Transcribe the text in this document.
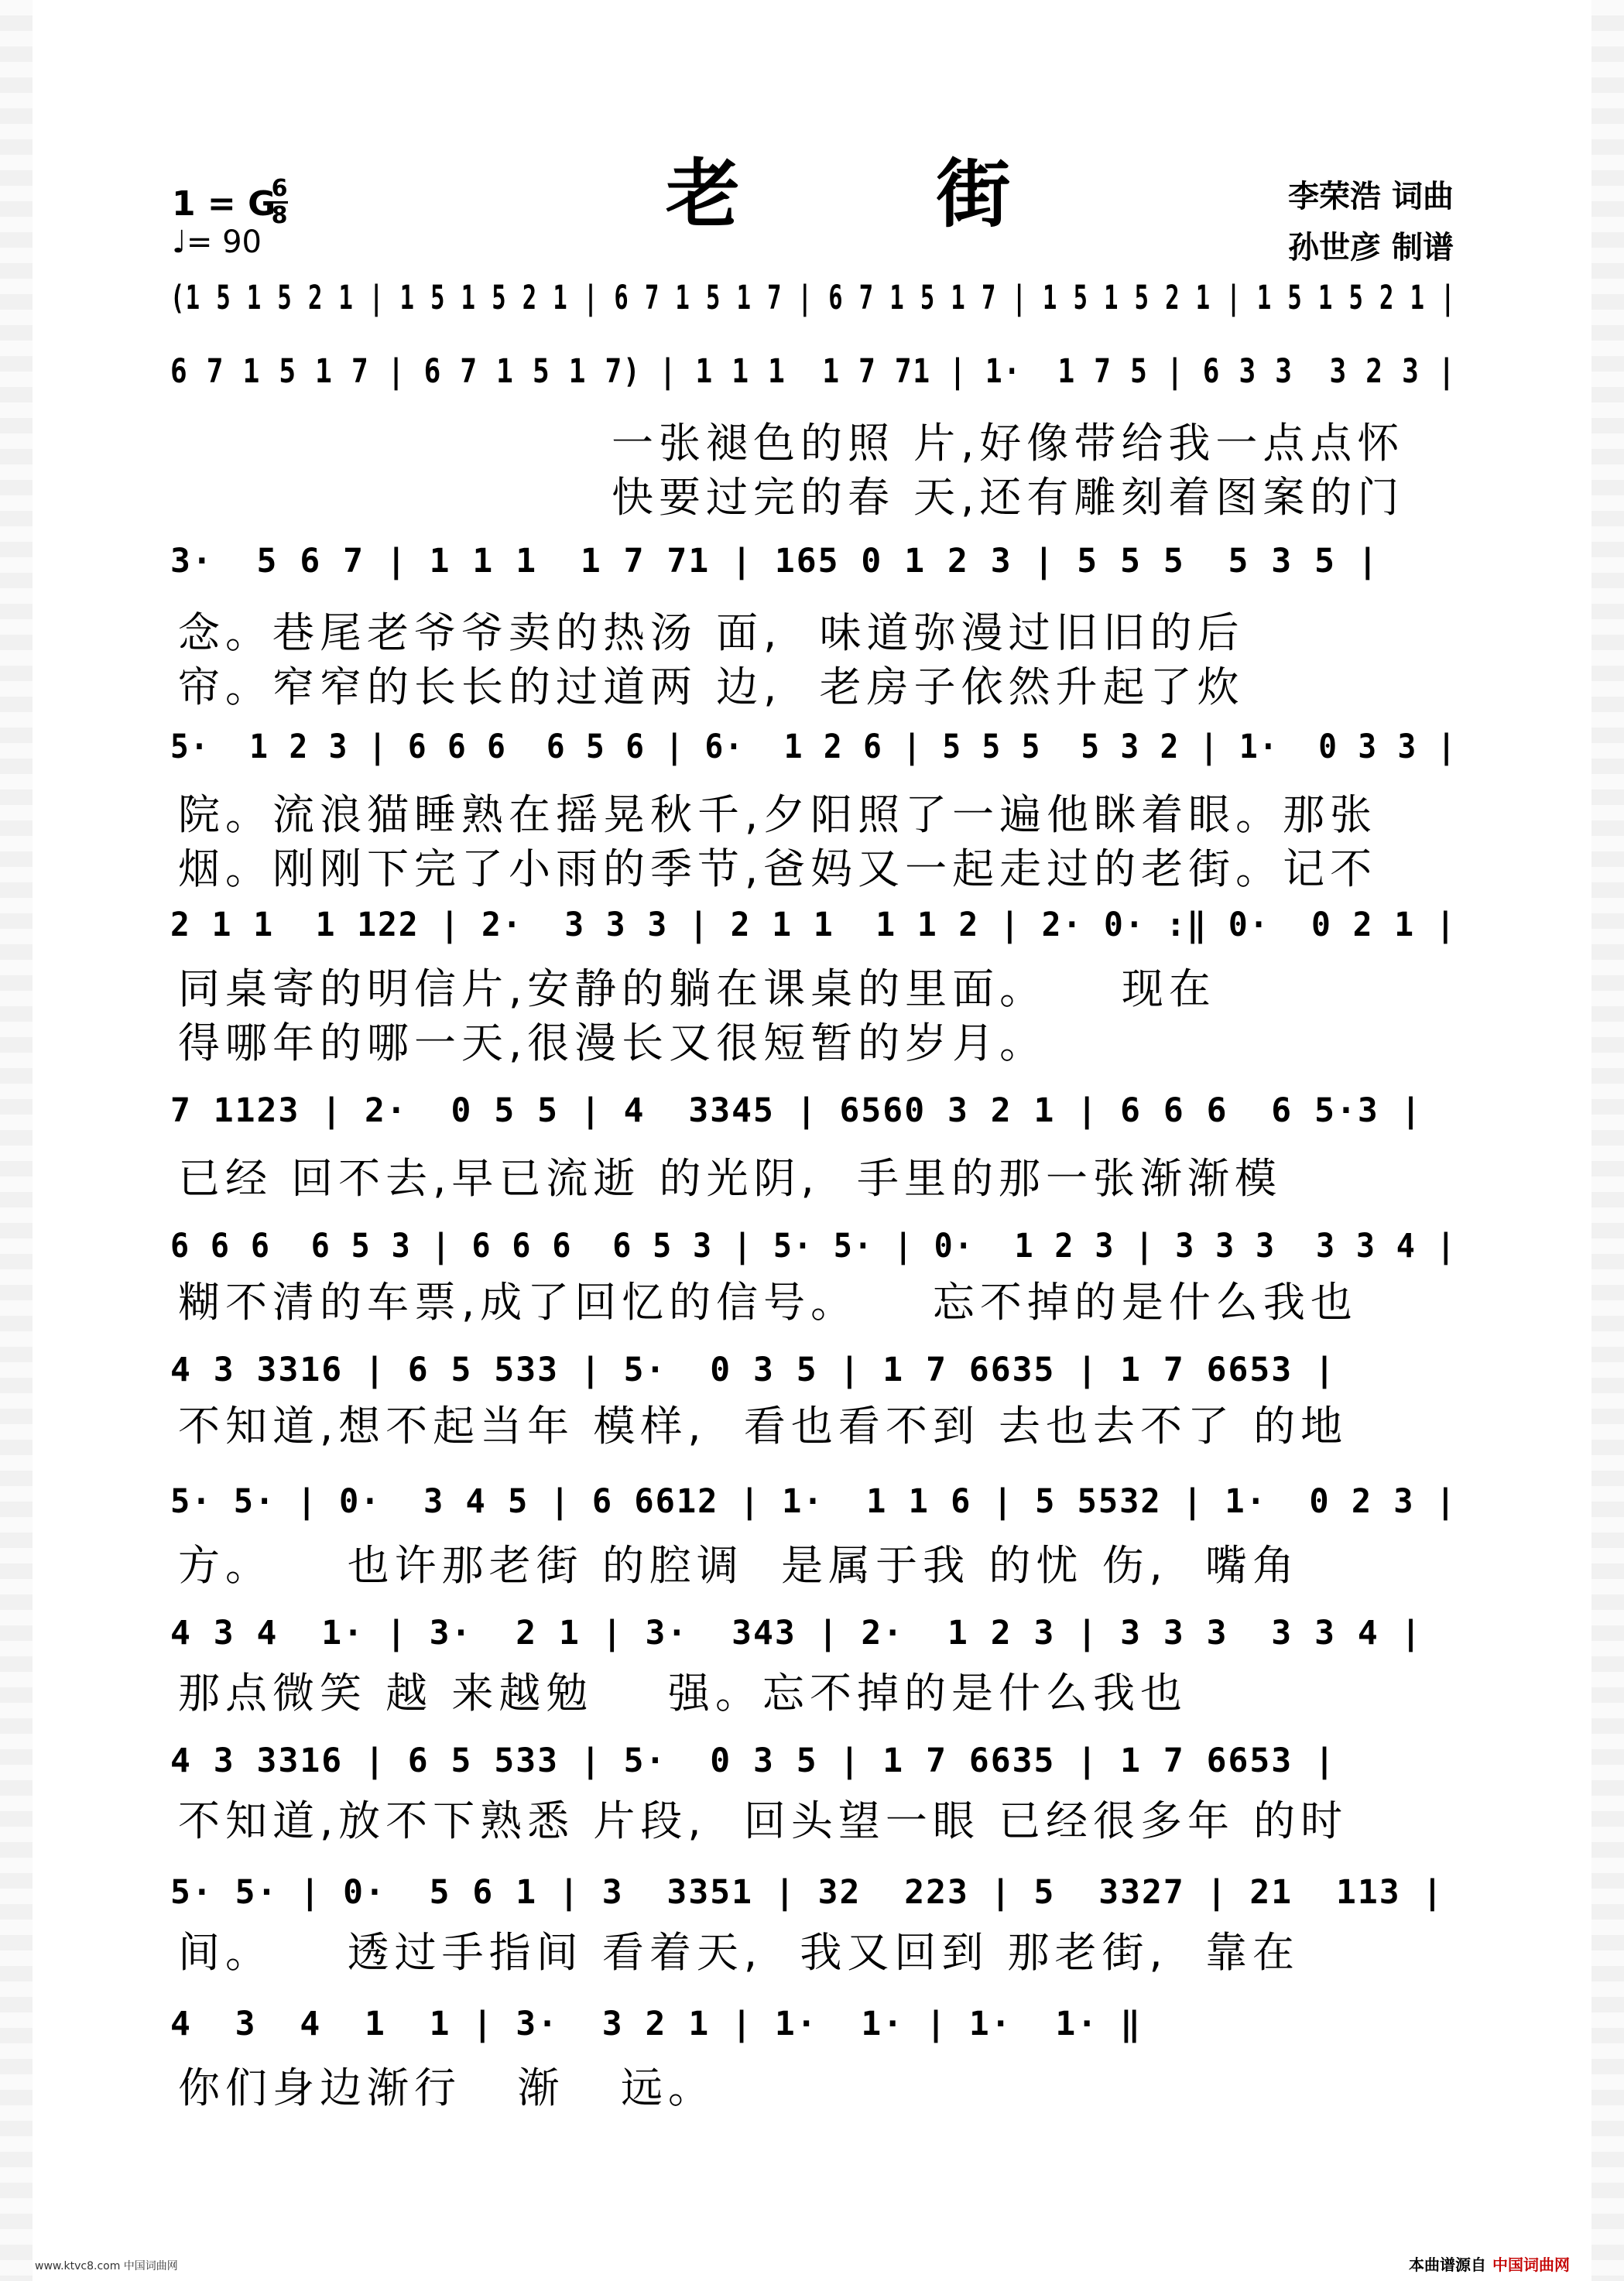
老 街
1 = G
6
8
♩= 90
李荣浩 词曲
孙世彦 制谱
(1 5 1 5 2 1 | 1 5 1 5 2 1 | 6 7 1 5 1 7 | 6 7 1 5 1 7 | 1 5 1 5 2 1 | 1 5 1 5 2 1 |
6 7 1 5 1 7 | 6 7 1 5 1 7) | 1 1 1  1 7 71 | 1·  1 7 5 | 6 3 3  3 2 3 |
一张褪色的照 片,好像带给我一点点怀
快要过完的春 天,还有雕刻着图案的门
3·  5 6 7 | 1 1 1  1 7 71 | 165 0 1 2 3 | 5 5 5  5 3 5 |
念。巷尾老爷爷卖的热汤 面,  味道弥漫过旧旧的后
帘。窄窄的长长的过道两 边,  老房子依然升起了炊
5·  1 2 3 | 6 6 6  6 5 6 | 6·  1 2 6 | 5 5 5  5 3 2 | 1·  0 3 3 |
院。流浪猫睡熟在摇晃秋千,夕阳照了一遍他眯着眼。那张
烟。刚刚下完了小雨的季节,爸妈又一起走过的老街。记不
2 1 1  1 122 | 2·  3 3 3 | 2 1 1  1 1 2 | 2· 0· :‖ 0·  0 2 1 |
同桌寄的明信片,安静的躺在课桌的里面。    现在
得哪年的哪一天,很漫长又很短暂的岁月。
7 1123 | 2·  0 5 5 | 4  3345 | 6560 3 2 1 | 6 6 6  6 5·3 |
已经 回不去,早已流逝 的光阴,  手里的那一张渐渐模
6 6 6  6 5 3 | 6 6 6  6 5 3 | 5· 5· | 0·  1 2 3 | 3 3 3  3 3 4 |
糊不清的车票,成了回忆的信号。    忘不掉的是什么我也
4 3 3316 | 6 5 533 | 5·  0 3 5 | 1 7 6635 | 1 7 6653 |
不知道,想不起当年 模样,  看也看不到 去也去不了 的地
5· 5· | 0·  3 4 5 | 6 6612 | 1·  1 1 6 | 5 5532 | 1·  0 2 3 |
方。    也许那老街 的腔调  是属于我 的忧 伤,  嘴角
4 3 4  1· | 3·  2 1 | 3·  343 | 2·  1 2 3 | 3 3 3  3 3 4 |
那点微笑 越 来越勉    强。忘不掉的是什么我也
4 3 3316 | 6 5 533 | 5·  0 3 5 | 1 7 6635 | 1 7 6653 |
不知道,放不下熟悉 片段,  回头望一眼 已经很多年 的时
5· 5· | 0·  5 6 1 | 3  3351 | 32  223 | 5  3327 | 21  113 |
间。    透过手指间 看着天,  我又回到 那老街,  靠在
4  3  4  1  1 | 3·  3 2 1 | 1·  1· | 1·  1· ‖
你们身边渐行   渐   远。
www.ktvc8.com 中国词曲网	本曲谱源自 中国词曲网
